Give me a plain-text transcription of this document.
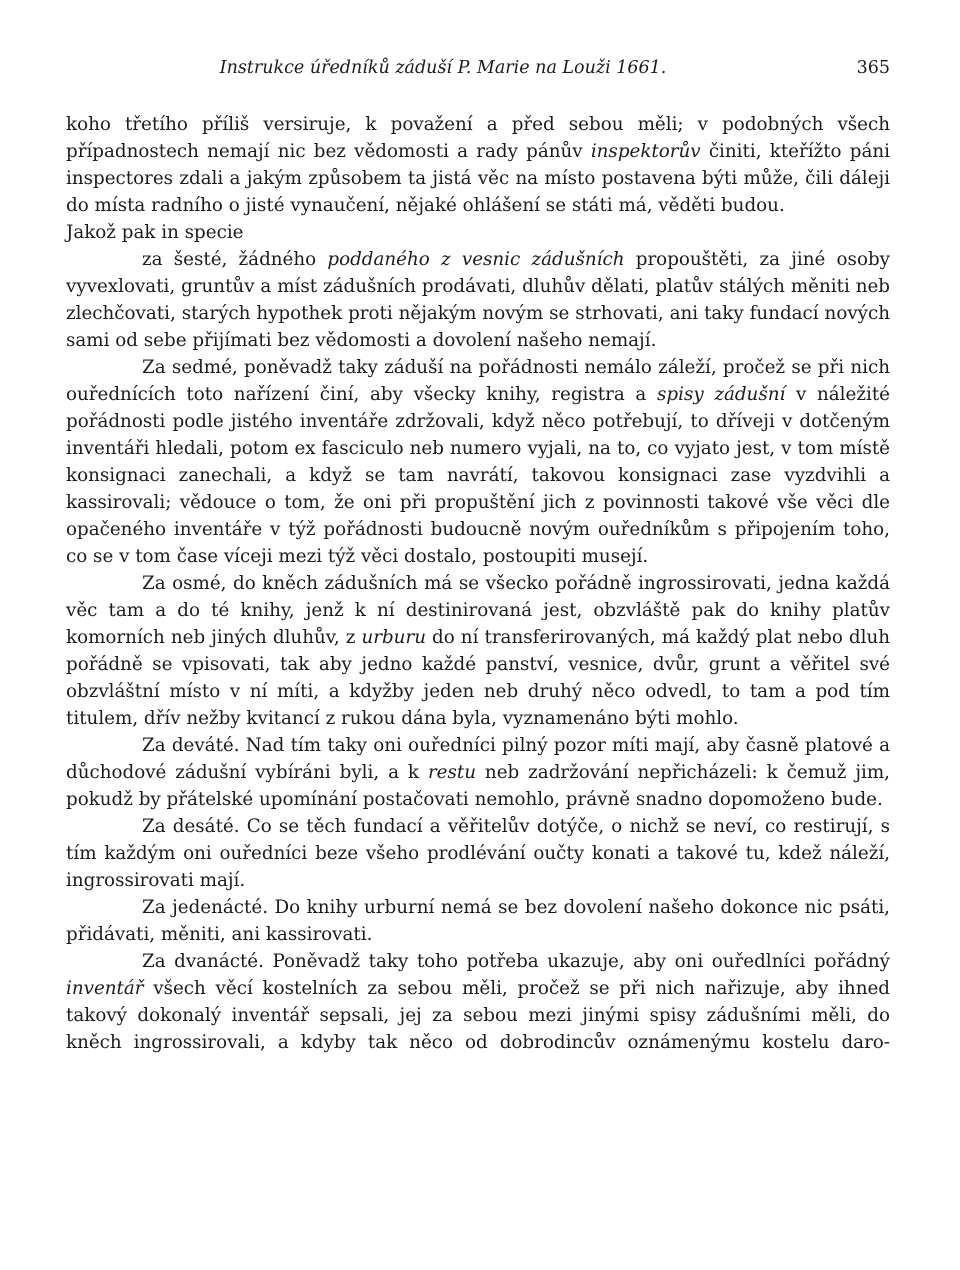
Instrukce úředníků záduší P. Marie na Louži 1661.	365

koho třetího příliš versiruje, k považení a před sebou měli; v podobných všech případnostech nemají nic bez vědomosti a rady pánův inspektorův činiti, kteřížto páni inspectores zdali a jakým způsobem ta jistá věc na místo postavena býti může, čili dáleji do místa radního o jisté vynaučení, nějaké ohlášení se státi má, věděti budou.

Jakož pak in specie

za šesté, žádného poddaného z vesnic zádušních propouštěti, za jiné osoby vyvexlovati, gruntův a míst zádušních prodávati, dluhův dělati, platův stálých měniti neb zlechčovati, starých hypothek proti nějakým novým se strhovati, ani taky fundací nových sami od sebe přijímati bez vědomosti a dovolení našeho nemají.

Za sedmé, poněvadž taky záduší na pořádnosti nemálo záleží, pročež se při nich ouřednících toto nařízení činí, aby všecky knihy, registra a spisy zádušní v náležité pořádnosti podle jistého inventáře zdržovali, když něco potřebují, to dříveji v dotčeným inventáři hledali, potom ex fasciculo neb numero vyjali, na to, co vyjato jest, v tom místě konsignaci zanechali, a když se tam navrátí, takovou konsignaci zase vyzdvihli a kassirovali; vědouce o tom, že oni při propuštění jich z povinnosti takové vše věci dle opačeného inventáře v týž pořádnosti budoucně novým ouředníkům s připojením toho, co se v tom čase víceji mezi týž věci dostalo, postoupiti musejí.

Za osmé, do kněch zádušních má se všecko pořádně ingrossirovati, jedna každá věc tam a do té knihy, jenž k ní destinirovaná jest, obzvláště pak do knihy platův komorních neb jiných dluhův, z urburu do ní transferirovaných, má každý plat nebo dluh pořádně se vpisovati, tak aby jedno každé panství, vesnice, dvůr, grunt a věřitel své obzvláštní místo v ní míti, a kdyžby jeden neb druhý něco odvedl, to tam a pod tím titulem, dřív nežby kvitancí z rukou dána byla, vyznamenáno býti mohlo.

Za deváté. Nad tím taky oni ouředníci pilný pozor míti mají, aby časně platové a důchodové zádušní vybíráni byli, a k restu neb zadržování nepřicházeli: k čemuž jim, pokudž by přátelské upomínání postačovati nemohlo, právně snadno dopomoženo bude.

Za desáté. Co se těch fundací a věřitelův dotýče, o nichž se neví, co restirují, s tím každým oni ouředníci beze všeho prodlévání oučty konati a takové tu, kdež náleží, ingrossirovati mají.

Za jedenácté. Do knihy urburní nemá se bez dovolení našeho dokonce nic psáti, přidávati, měniti, ani kassirovati.

Za dvanácté. Poněvadž taky toho potřeba ukazuje, aby oni ouředlníci pořádný inventář všech věcí kostelních za sebou měli, pročež se při nich nařizuje, aby ihned takový dokonalý inventář sepsali, jej za sebou mezi jinými spisy zádušními měli, do kněch ingrossirovali, a kdyby tak něco od dobrodincův oznámenýmu kostelu daro-
